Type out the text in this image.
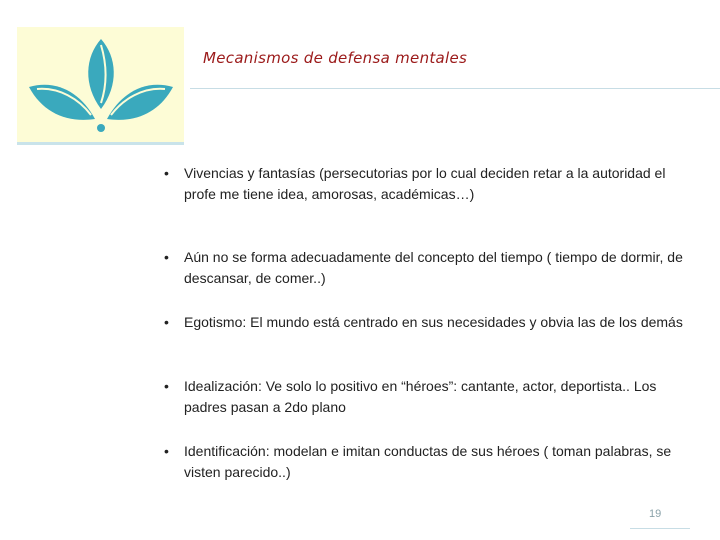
Mecanismos de defensa mentales
•	Vivencias y fantasías (persecutorias por lo cual deciden retar a la autoridad el profe me tiene idea, amorosas, académicas…)
•	Aún no se forma adecuadamente del concepto del tiempo ( tiempo de dormir, de descansar, de comer..)
•	Egotismo: El mundo está centrado en sus necesidades y obvia las de los demás
•	Idealización: Ve solo lo positivo en “héroes”: cantante, actor, deportista.. Los padres pasan a 2do plano
•	Identificación: modelan e imitan conductas de sus héroes ( toman palabras, se visten parecido..)
19
